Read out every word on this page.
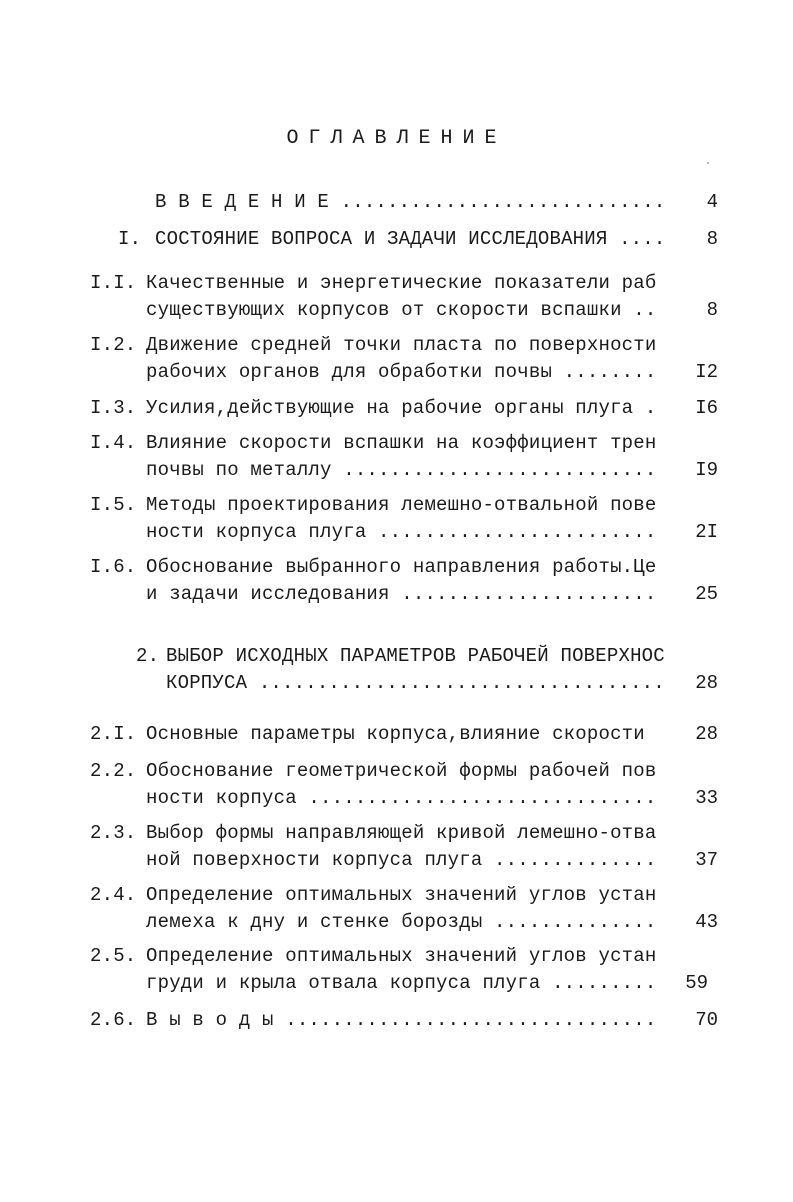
ОГЛАВЛЕНИЕ
В В Е Д Е Н И Е ............................	4
I. СОСТОЯНИЕ ВОПРОСА И ЗАДАЧИ ИССЛЕДОВАНИЯ ....	8
I.I. Качественные и энергетические показатели раб
существующих корпусов от скорости вспашки ..	8
I.2. Движение средней точки пласта по поверхности
рабочих органов для обработки почвы ........	I2
I.3. Усилия,действующие на рабочие органы плуга .	I6
I.4. Влияние скорости вспашки на коэффициент трен
почвы по металлу ...........................	I9
I.5. Методы проектирования лемешно-отвальной пове
ности корпуса плуга ........................	2I
I.6. Обоснование выбранного направления работы.Це
и задачи исследования ......................	25
2. ВЫБОР ИСХОДНЫХ ПАРАМЕТРОВ РАБОЧЕЙ ПОВЕРХНОС
КОРПУСА ...................................	28
2.I. Основные параметры корпуса,влияние скорости	28
2.2. Обоснование геометрической формы рабочей пов
ности корпуса ..............................	33
2.3. Выбор формы направляющей кривой лемешно-отва
ной поверхности корпуса плуга ..............	37
2.4. Определение оптимальных значений углов устан
лемеха к дну и стенке борозды ..............	43
2.5. Определение оптимальных значений углов устан
груди и крыла отвала корпуса плуга .........	59
2.6. В ы в о д ы ................................	70
